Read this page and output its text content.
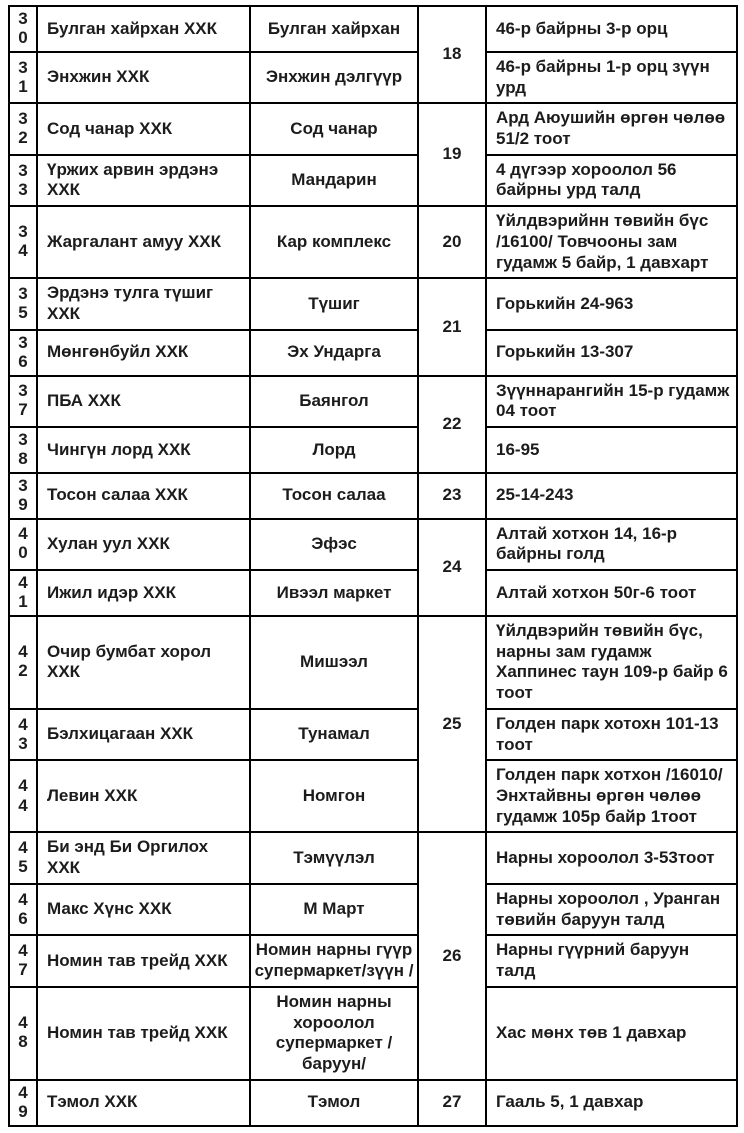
30	Булган хайрхан ХХК	Булган хайрхан	18	46-р байрны 3-р орц
31	Энхжин ХХК	Энхжин дэлгүүр		46-р байрны 1-р орц зүүн урд
32	Сод чанар ХХК	Сод чанар	19	Ард Аюушийн өргөн чөлөө 51/2 тоот
33	Үржих арвин эрдэнэ ХХК	Мандарин		4 дүгээр хороолол 56 байрны урд талд
34	Жаргалант амуу ХХК	Кар комплекс	20	Үйлдвэрийнн төвийн бүс /16100/ Товчооны зам гудамж 5 байр, 1 давхарт
35	Эрдэнэ тулга түшиг ХХК	Түшиг	21	Горькийн 24-963
36	Мөнгөнбуйл ХХК	Эх Ундарга		Горькийн 13-307
37	ПБА ХХК	Баянгол	22	Зүүннарангийн 15-р гудамж 04 тоот
38	Чингүн лорд ХХК	Лорд		16-95
39	Тосон салаа ХХК	Тосон салаа	23	25-14-243
40	Хулан уул ХХК	Эфэс	24	Алтай хотхон 14, 16-р байрны голд
41	Ижил идэр ХХК	Ивээл маркет		Алтай хотхон 50г-6 тоот
42	Очир бумбат хорол ХХК	Мишээл	25	Үйлдвэрийн төвийн бүс, нарны зам гудамж Хаппинес таун 109-р байр 6 тоот
43	Бэлхицагаан ХХК	Тунамал		Голден парк хотохн 101-13 тоот
44	Левин ХХК	Номгон		Голден парк хотхон /16010/ Энхтайвны өргөн чөлөө гудамж 105р байр 1тоот
45	Би энд Би Оргилох ХХК	Тэмүүлэл	26	Нарны хороолол 3-53тоот
46	Макс Хүнс ХХК	М Март		Нарны хороолол , Уранган төвийн баруун талд
47	Номин тав трейд ХХК	Номин нарны гүүр супермаркет/зүүн /		Нарны гүүрний баруун талд
48	Номин тав трейд ХХК	Номин нарны хороолол супермаркет /баруун/		Хас мөнх төв 1 давхар
49	Тэмол ХХК	Тэмол	27	Гааль 5, 1 давхар
